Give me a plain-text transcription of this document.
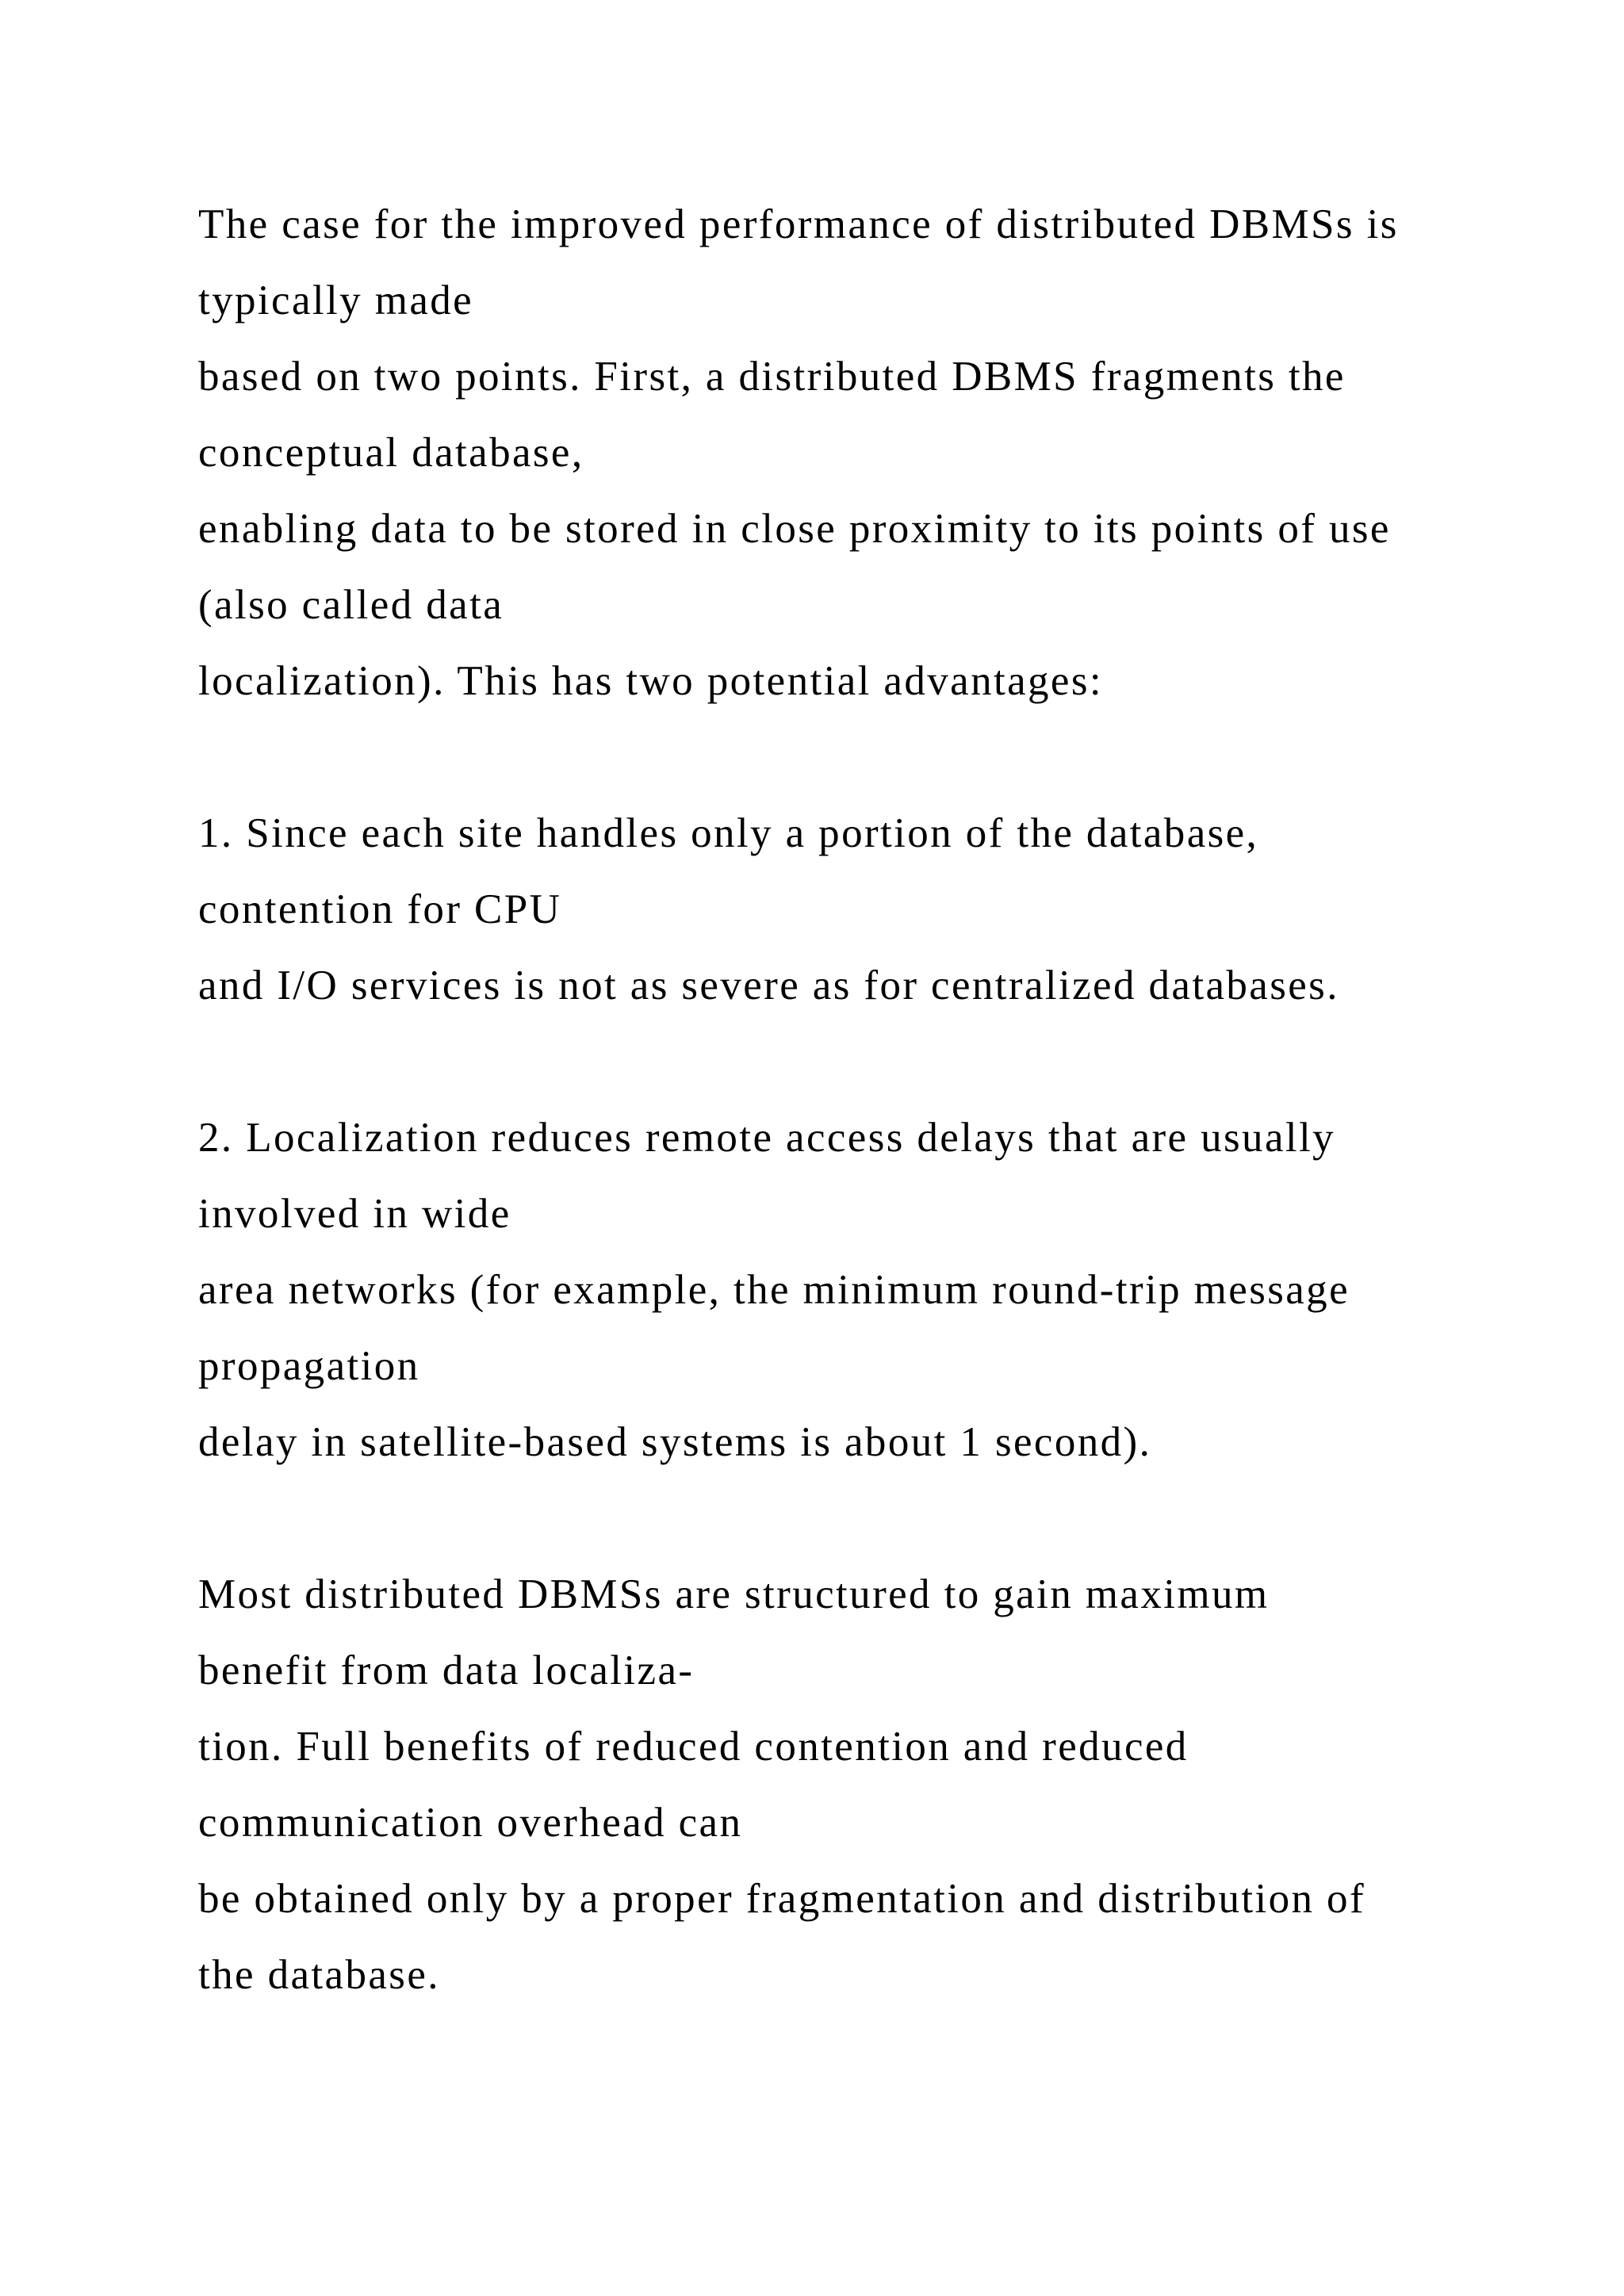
The case for the improved performance of distributed DBMSs is
typically made
based on two points. First, a distributed DBMS fragments the
conceptual database,
enabling data to be stored in close proximity to its points of use
(also called data
localization). This has two potential advantages:
1. Since each site handles only a portion of the database,
contention for CPU
and I/O services is not as severe as for centralized databases.
2. Localization reduces remote access delays that are usually
involved in wide
area networks (for example, the minimum round-trip message
propagation
delay in satellite-based systems is about 1 second).
Most distributed DBMSs are structured to gain maximum
benefit from data localiza-
tion. Full benefits of reduced contention and reduced
communication overhead can
be obtained only by a proper fragmentation and distribution of
the database.
